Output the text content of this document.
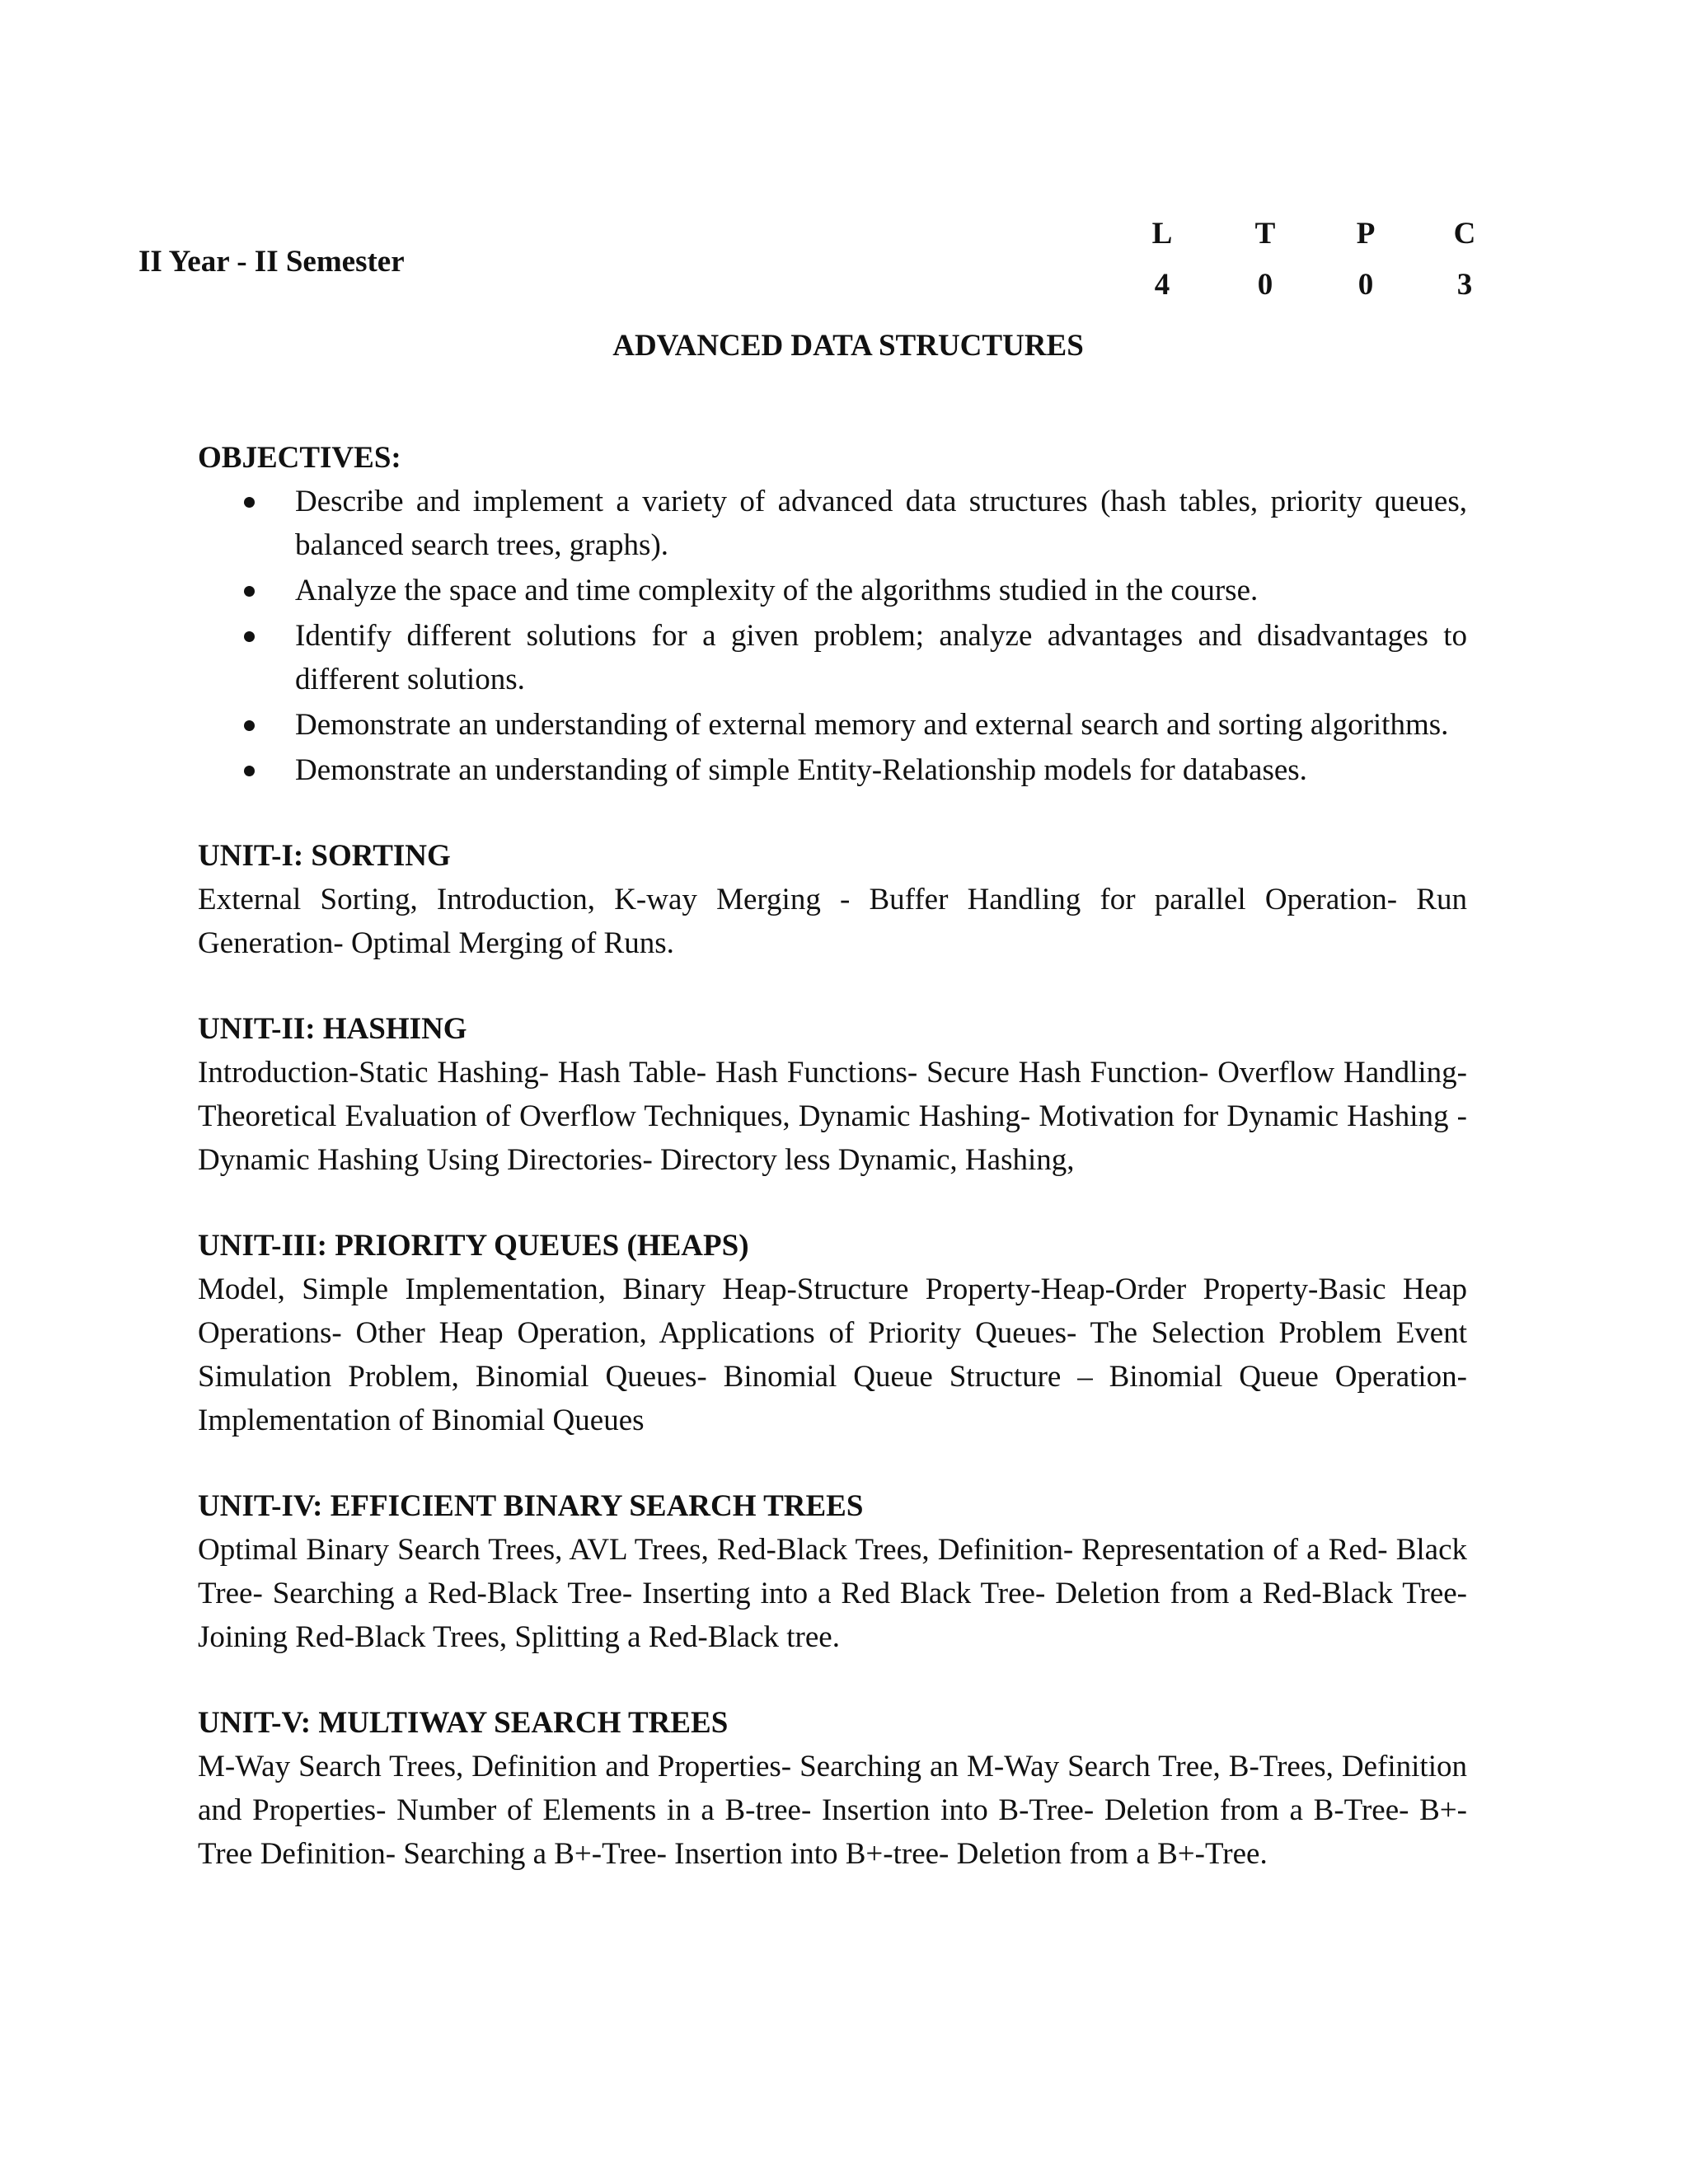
II Year - II Semester
L	T	P	C
4	0	0	3
ADVANCED DATA STRUCTURES

OBJECTIVES:

Describe and implement a variety of advanced data structures (hash tables, priority queues, balanced search trees, graphs).
Analyze the space and time complexity of the algorithms studied in the course.
Identify different solutions for a given problem; analyze advantages and disadvantages to different solutions.
Demonstrate an understanding of external memory and external search and sorting algorithms.
Demonstrate an understanding of simple Entity-Relationship models for databases.

UNIT-I: SORTING

External Sorting, Introduction, K-way Merging - Buffer Handling for parallel Operation- Run Generation- Optimal Merging of Runs.

UNIT-II: HASHING

Introduction-Static Hashing- Hash Table- Hash Functions- Secure Hash Function- Overflow Handling- Theoretical Evaluation of Overflow Techniques, Dynamic Hashing- Motivation for Dynamic Hashing -Dynamic Hashing Using Directories- Directory less Dynamic, Hashing,

UNIT-III: PRIORITY QUEUES (HEAPS)

Model, Simple Implementation, Binary Heap-Structure Property-Heap-Order Property-Basic Heap Operations- Other Heap Operation, Applications of Priority Queues- The Selection Problem Event Simulation Problem, Binomial Queues- Binomial Queue Structure – Binomial Queue Operation- Implementation of Binomial Queues

UNIT-IV: EFFICIENT BINARY SEARCH TREES

Optimal Binary Search Trees, AVL Trees, Red-Black Trees, Definition- Representation of a Red- Black Tree- Searching a Red-Black Tree- Inserting into a Red Black Tree- Deletion from a Red-Black Tree- Joining Red-Black Trees, Splitting a Red-Black tree.

UNIT-V: MULTIWAY SEARCH TREES

M-Way Search Trees, Definition and Properties- Searching an M-Way Search Tree, B-Trees, Definition and Properties- Number of Elements in a B-tree- Insertion into B-Tree- Deletion from a B-Tree- B+-Tree Definition- Searching a B+-Tree- Insertion into B+-tree- Deletion from a B+-Tree.
